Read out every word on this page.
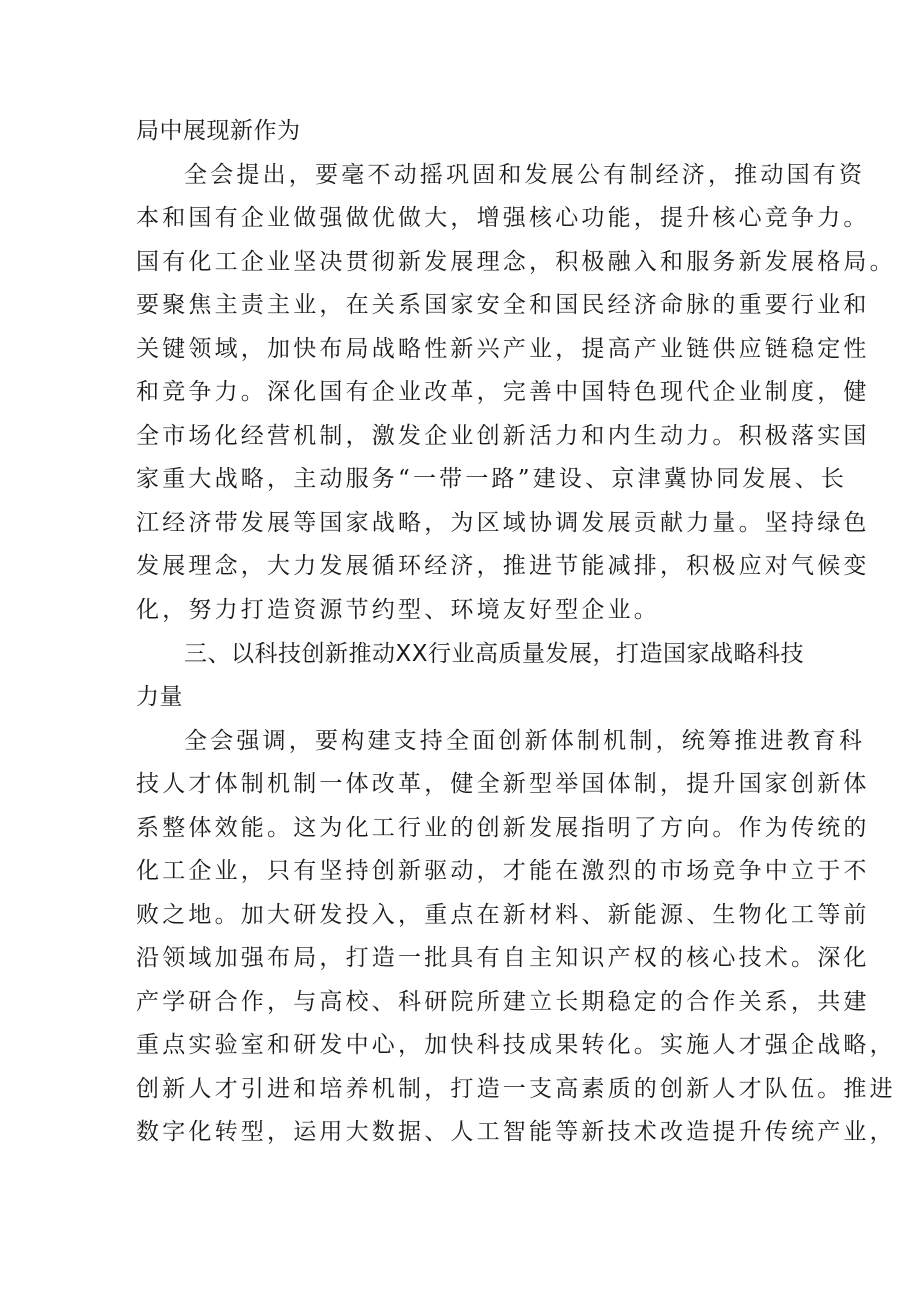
局中展现新作为
全会提出，要毫不动摇巩固和发展公有制经济，推动国有资
本和国有企业做强做优做大，增强核心功能，提升核心竞争力。
国有化工企业坚决贯彻新发展理念，积极融入和服务新发展格局。
要聚焦主责主业，在关系国家安全和国民经济命脉的重要行业和
关键领域，加快布局战略性新兴产业，提高产业链供应链稳定性
和竞争力。深化国有企业改革，完善中国特色现代企业制度，健
全市场化经营机制，激发企业创新活力和内生动力。积极落实国
家重大战略，主动服务“一带一路”建设、京津冀协同发展、长
江经济带发展等国家战略，为区域协调发展贡献力量。坚持绿色
发展理念，大力发展循环经济，推进节能减排，积极应对气候变
化，努力打造资源节约型、环境友好型企业。
三、以科技创新推动XX行业高质量发展，打造国家战略科技
力量
全会强调，要构建支持全面创新体制机制，统筹推进教育科
技人才体制机制一体改革，健全新型举国体制，提升国家创新体
系整体效能。这为化工行业的创新发展指明了方向。作为传统的
化工企业，只有坚持创新驱动，才能在激烈的市场竞争中立于不
败之地。加大研发投入，重点在新材料、新能源、生物化工等前
沿领域加强布局，打造一批具有自主知识产权的核心技术。深化
产学研合作，与高校、科研院所建立长期稳定的合作关系，共建
重点实验室和研发中心，加快科技成果转化。实施人才强企战略，
创新人才引进和培养机制，打造一支高素质的创新人才队伍。推进
数字化转型，运用大数据、人工智能等新技术改造提升传统产业，
